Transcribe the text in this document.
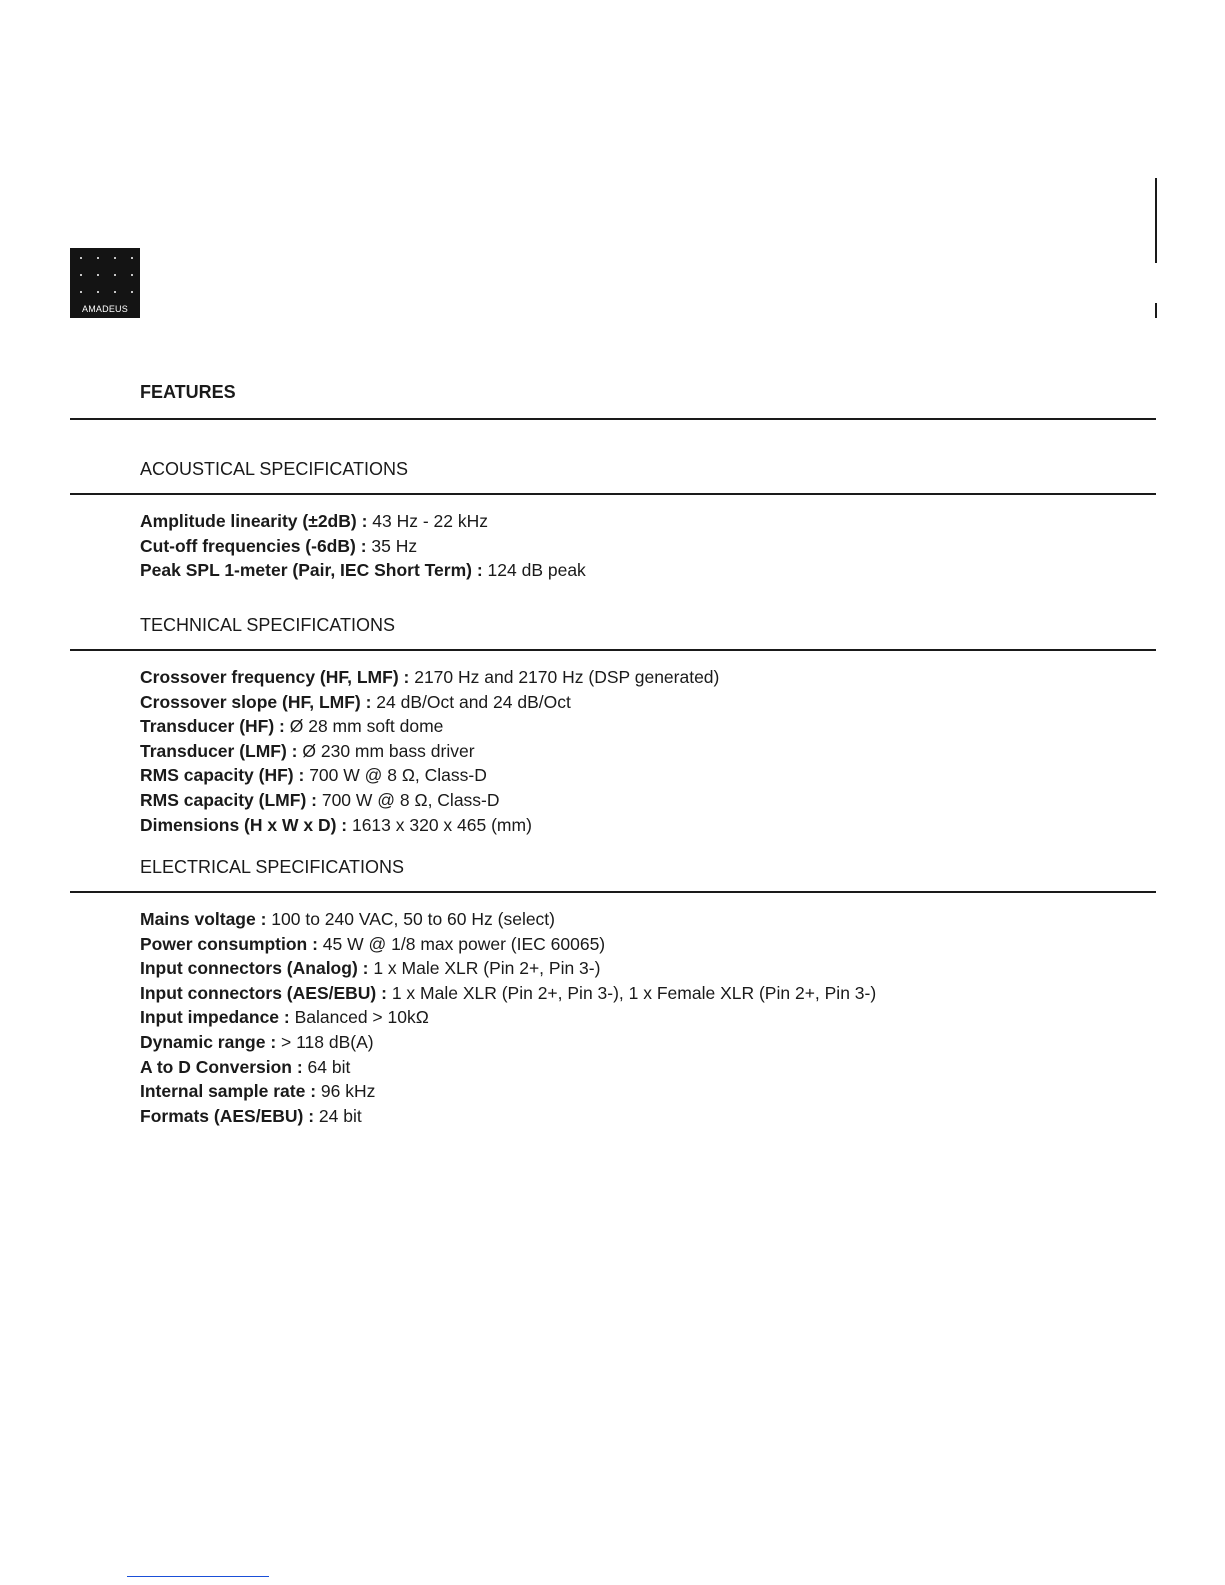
AMADEUS
FEATURES
ACOUSTICAL SPECIFICATIONS
Amplitude linearity (±2dB) : 43 Hz - 22 kHz
Cut-off frequencies (-6dB) : 35 Hz
Peak SPL 1-meter (Pair, IEC Short Term) : 124 dB peak
TECHNICAL SPECIFICATIONS
Crossover frequency (HF, LMF) : 2170 Hz and 2170 Hz (DSP generated)
Crossover slope (HF, LMF) : 24 dB/Oct and 24 dB/Oct
Transducer (HF) : Ø 28 mm soft dome
Transducer (LMF) : Ø 230 mm bass driver
RMS capacity (HF) : 700 W @ 8 Ω, Class-D
RMS capacity (LMF) : 700 W @ 8 Ω, Class-D
Dimensions (H x W x D) : 1613 x 320 x 465 (mm)
ELECTRICAL SPECIFICATIONS
Mains voltage : 100 to 240 VAC, 50 to 60 Hz (select)
Power consumption : 45 W @ 1/8 max power (IEC 60065)
Input connectors (Analog) : 1 x Male XLR (Pin 2+, Pin 3-)
Input connectors (AES/EBU) : 1 x Male XLR (Pin 2+, Pin 3-), 1 x Female XLR (Pin 2+, Pin 3-)
Input impedance : Balanced > 10kΩ
Dynamic range : > 118 dB(A)
A to D Conversion : 64 bit
Internal sample rate : 96 kHz
Formats (AES/EBU) : 24 bit
